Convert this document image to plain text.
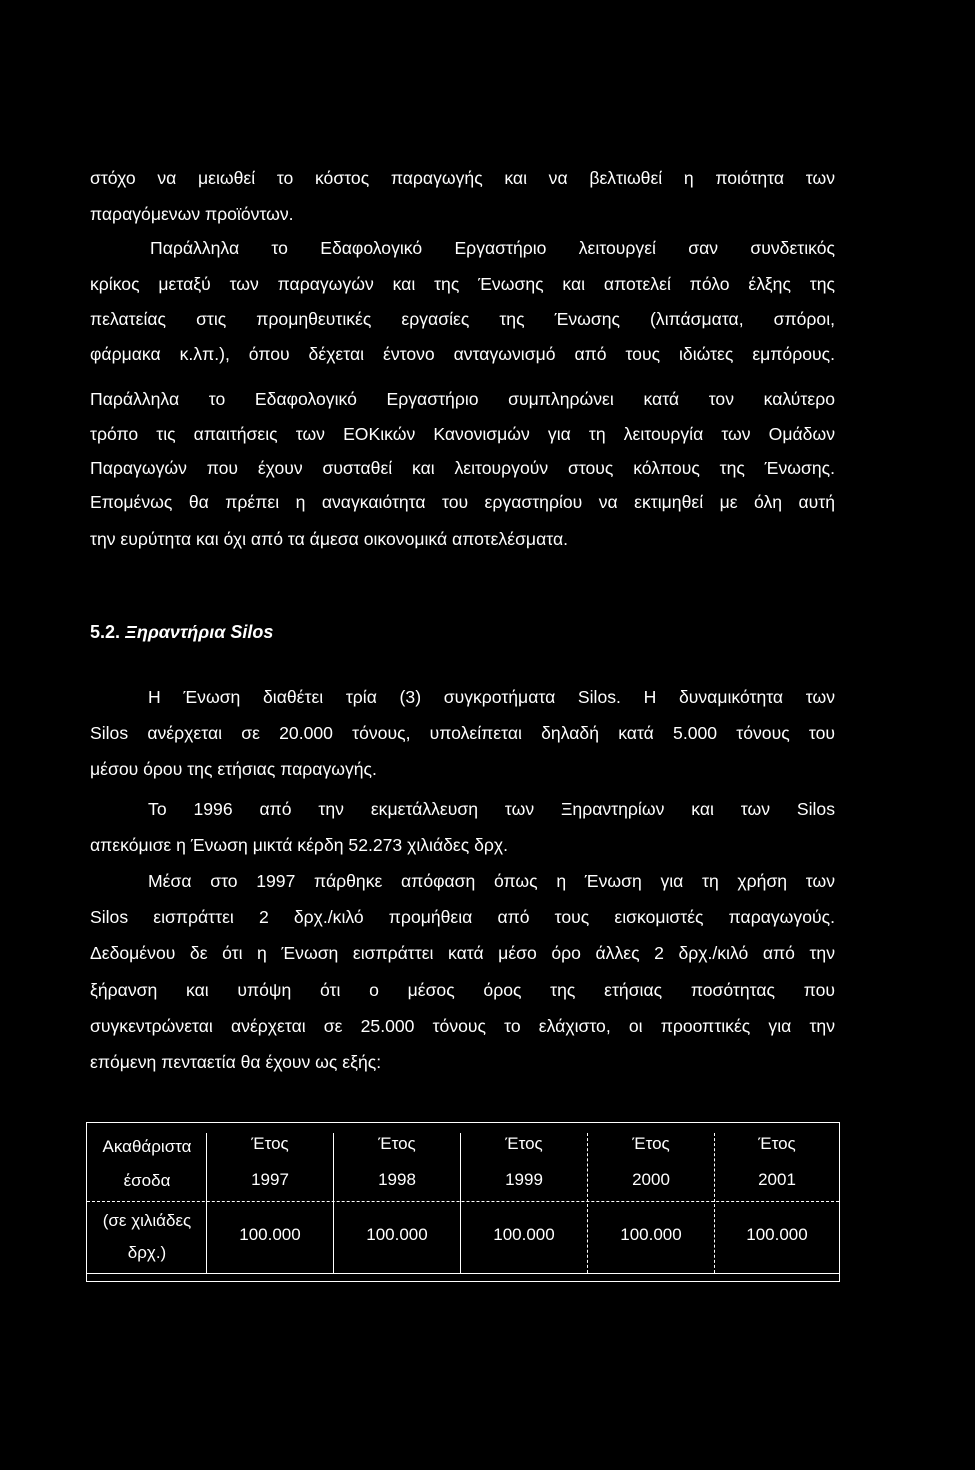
στόχο να μειωθεί το κόστος παραγωγής και να βελτιωθεί η ποιότητα των
παραγόμενων προϊόντων.
Παράλληλα το Εδαφολογικό Εργαστήριο λειτουργεί σαν συνδετικός
κρίκος μεταξύ των παραγωγών και της Ένωσης και αποτελεί πόλο έλξης της
πελατείας στις προμηθευτικές εργασίες της Ένωσης (λιπάσματα, σπόροι,
φάρμακα κ.λπ.), όπου δέχεται έντονο ανταγωνισμό από τους ιδιώτες εμπόρους.
Παράλληλα το Εδαφολογικό Εργαστήριο συμπληρώνει κατά τον καλύτερο
τρόπο τις απαιτήσεις των ΕΟΚικών Κανονισμών για τη λειτουργία των Ομάδων
Παραγωγών που έχουν συσταθεί και λειτουργούν στους κόλπους της Ένωσης.
Επομένως θα πρέπει η αναγκαιότητα του εργαστηρίου να εκτιμηθεί με όλη αυτή
την ευρύτητα και όχι από τα άμεσα οικονομικά αποτελέσματα.
5.2. Ξηραντήρια Silos
Η Ένωση διαθέτει τρία (3) συγκροτήματα Silos. Η δυναμικότητα των
Silos ανέρχεται σε 20.000 τόνους, υπολείπεται δηλαδή κατά 5.000 τόνους του
μέσου όρου της ετήσιας παραγωγής.
Το 1996 από την εκμετάλλευση των Ξηραντηρίων και των Silos
απεκόμισε η Ένωση μικτά κέρδη 52.273 χιλιάδες δρχ.
Μέσα στο 1997 πάρθηκε απόφαση όπως η Ένωση για τη χρήση των
Silos εισπράττει 2 δρχ./κιλό προμήθεια από τους εισκομιστές παραγωγούς.
Δεδομένου δε ότι η Ένωση εισπράττει κατά μέσο όρο άλλες 2 δρχ./κιλό από την
ξήρανση και υπόψη ότι ο μέσος όρος της ετήσιας ποσότητας που
συγκεντρώνεται ανέρχεται σε 25.000 τόνους το ελάχιστο, οι προοπτικές για την
επόμενη πενταετία θα έχουν ως εξής:
Ακαθάριστα
έσοδα
(σε χιλιάδες
δρχ.)
Έτος
1997
100.000
Έτος
1998
100.000
Έτος
1999
100.000
Έτος
2000
100.000
Έτος
2001
100.000
